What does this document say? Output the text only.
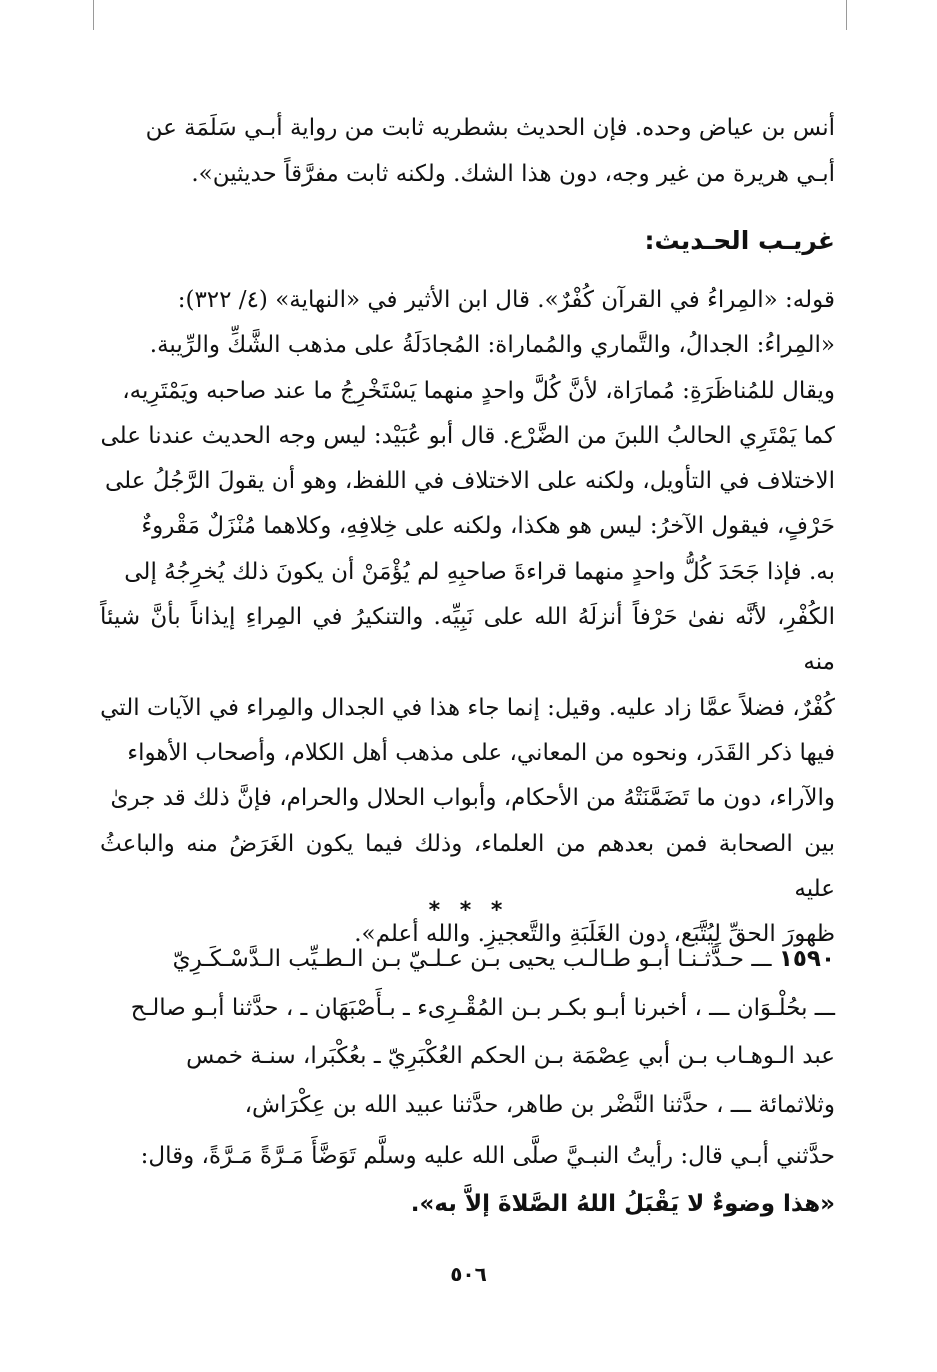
أنس بن عياض وحده. فإن الحديث بشطريه ثابت من رواية أبـي سَلَمَة عن

أبـي هريرة من غير وجه، دون هذا الشك. ولكنه ثابت مفرَّقاً حديثين».

غريـب الحـديث:

قوله: «المِراءُ في القرآن كُفْرٌ». قال ابن الأثير في «النهاية» (٤/ ٣٢٢):

«المِراءُ: الجدالُ، والتَّماري والمُماراة: المُجادَلَةُ على مذهب الشَّكِّ والرِّيبة.

ويقال للمُناظَرَةِ: مُمارَاة، لأنَّ كُلَّ واحدٍ منهما يَسْتَخْرِجُ ما عند صاحبه ويَمْتَرِيه،

كما يَمْتَرِي الحالبُ اللبنَ من الضَّرْع. قال أبو عُبَيْد: ليس وجه الحديث عندنا على

الاختلاف في التأويل، ولكنه على الاختلاف في اللفظ، وهو أن يقولَ الرَّجُلُ على

حَرْفٍ، فيقول الآخرُ: ليس هو هكذا، ولكنه على خِلافِهِ، وكلاهما مُنْزَلٌ مَقْروءٌ

به. فإذا جَحَدَ كُلُّ واحدٍ منهما قراءةَ صاحبِهِ لم يُؤْمَنْ أن يكونَ ذلك يُخرِجُهُ إلى

الكُفْرِ، لأنَّه نفىٰ حَرْفاً أنزلَهُ الله على نَبِيِّه. والتنكيرُ في المِراءِ إيذاناً بأنَّ شيئاً منه

كُفْرٌ، فضلاً عمَّا زاد عليه. وقيل: إنما جاء هذا في الجدال والمِراء في الآيات التي

فيها ذكر القَدَر، ونحوه من المعاني، على مذهب أهل الكلام، وأصحاب الأهواء

والآراء، دون ما تَضَمَّنَتْهُ من الأحكام، وأبواب الحلال والحرام، فإنَّ ذلك قد جرىٰ

بين الصحابة فمن بعدهم من العلماء، وذلك فيما يكون الغَرَضُ منه والباعثُ عليه

ظهورَ الحقِّ لِيُتَّبَع، دون الغَلَبَةِ والتَّعجيزِ. والله أعلم».

* * *

١٥٩٠ ـــ حـدَّثـنـا أبـو طـالـب يحيى بـن عـلـيّ بـن الـطـيِّب الـدَّسْـكَـرِيّ

ـــ بحُلْـوَان ـــ ، أخبرنا أبـو بكـر بـن المُقْـرِىء ـ بـأَصْبَهَان ـ ، حدَّثنا أبـو صالـح

عبد الـوهـاب بـن أبي عِصْمَة بـن الحكم العُكْبَرِيّ ـ بعُكْبَرا، سنـة خمس

وثلاثمائة ـــ ، حدَّثنا النَّضْر بن طاهر، حدَّثنا عبيد الله بن عِكْرَاش،

حدَّثني أبـي قال: رأيتُ النبـيَّ صلَّى الله عليه وسلَّم تَوَضَّأَ مَـرَّةً مَـرَّةً، وقال:

«هذا وضوءٌ لا يَقْبَلُ اللهُ الصَّلاةَ إلاَّ به».

٥٠٦
